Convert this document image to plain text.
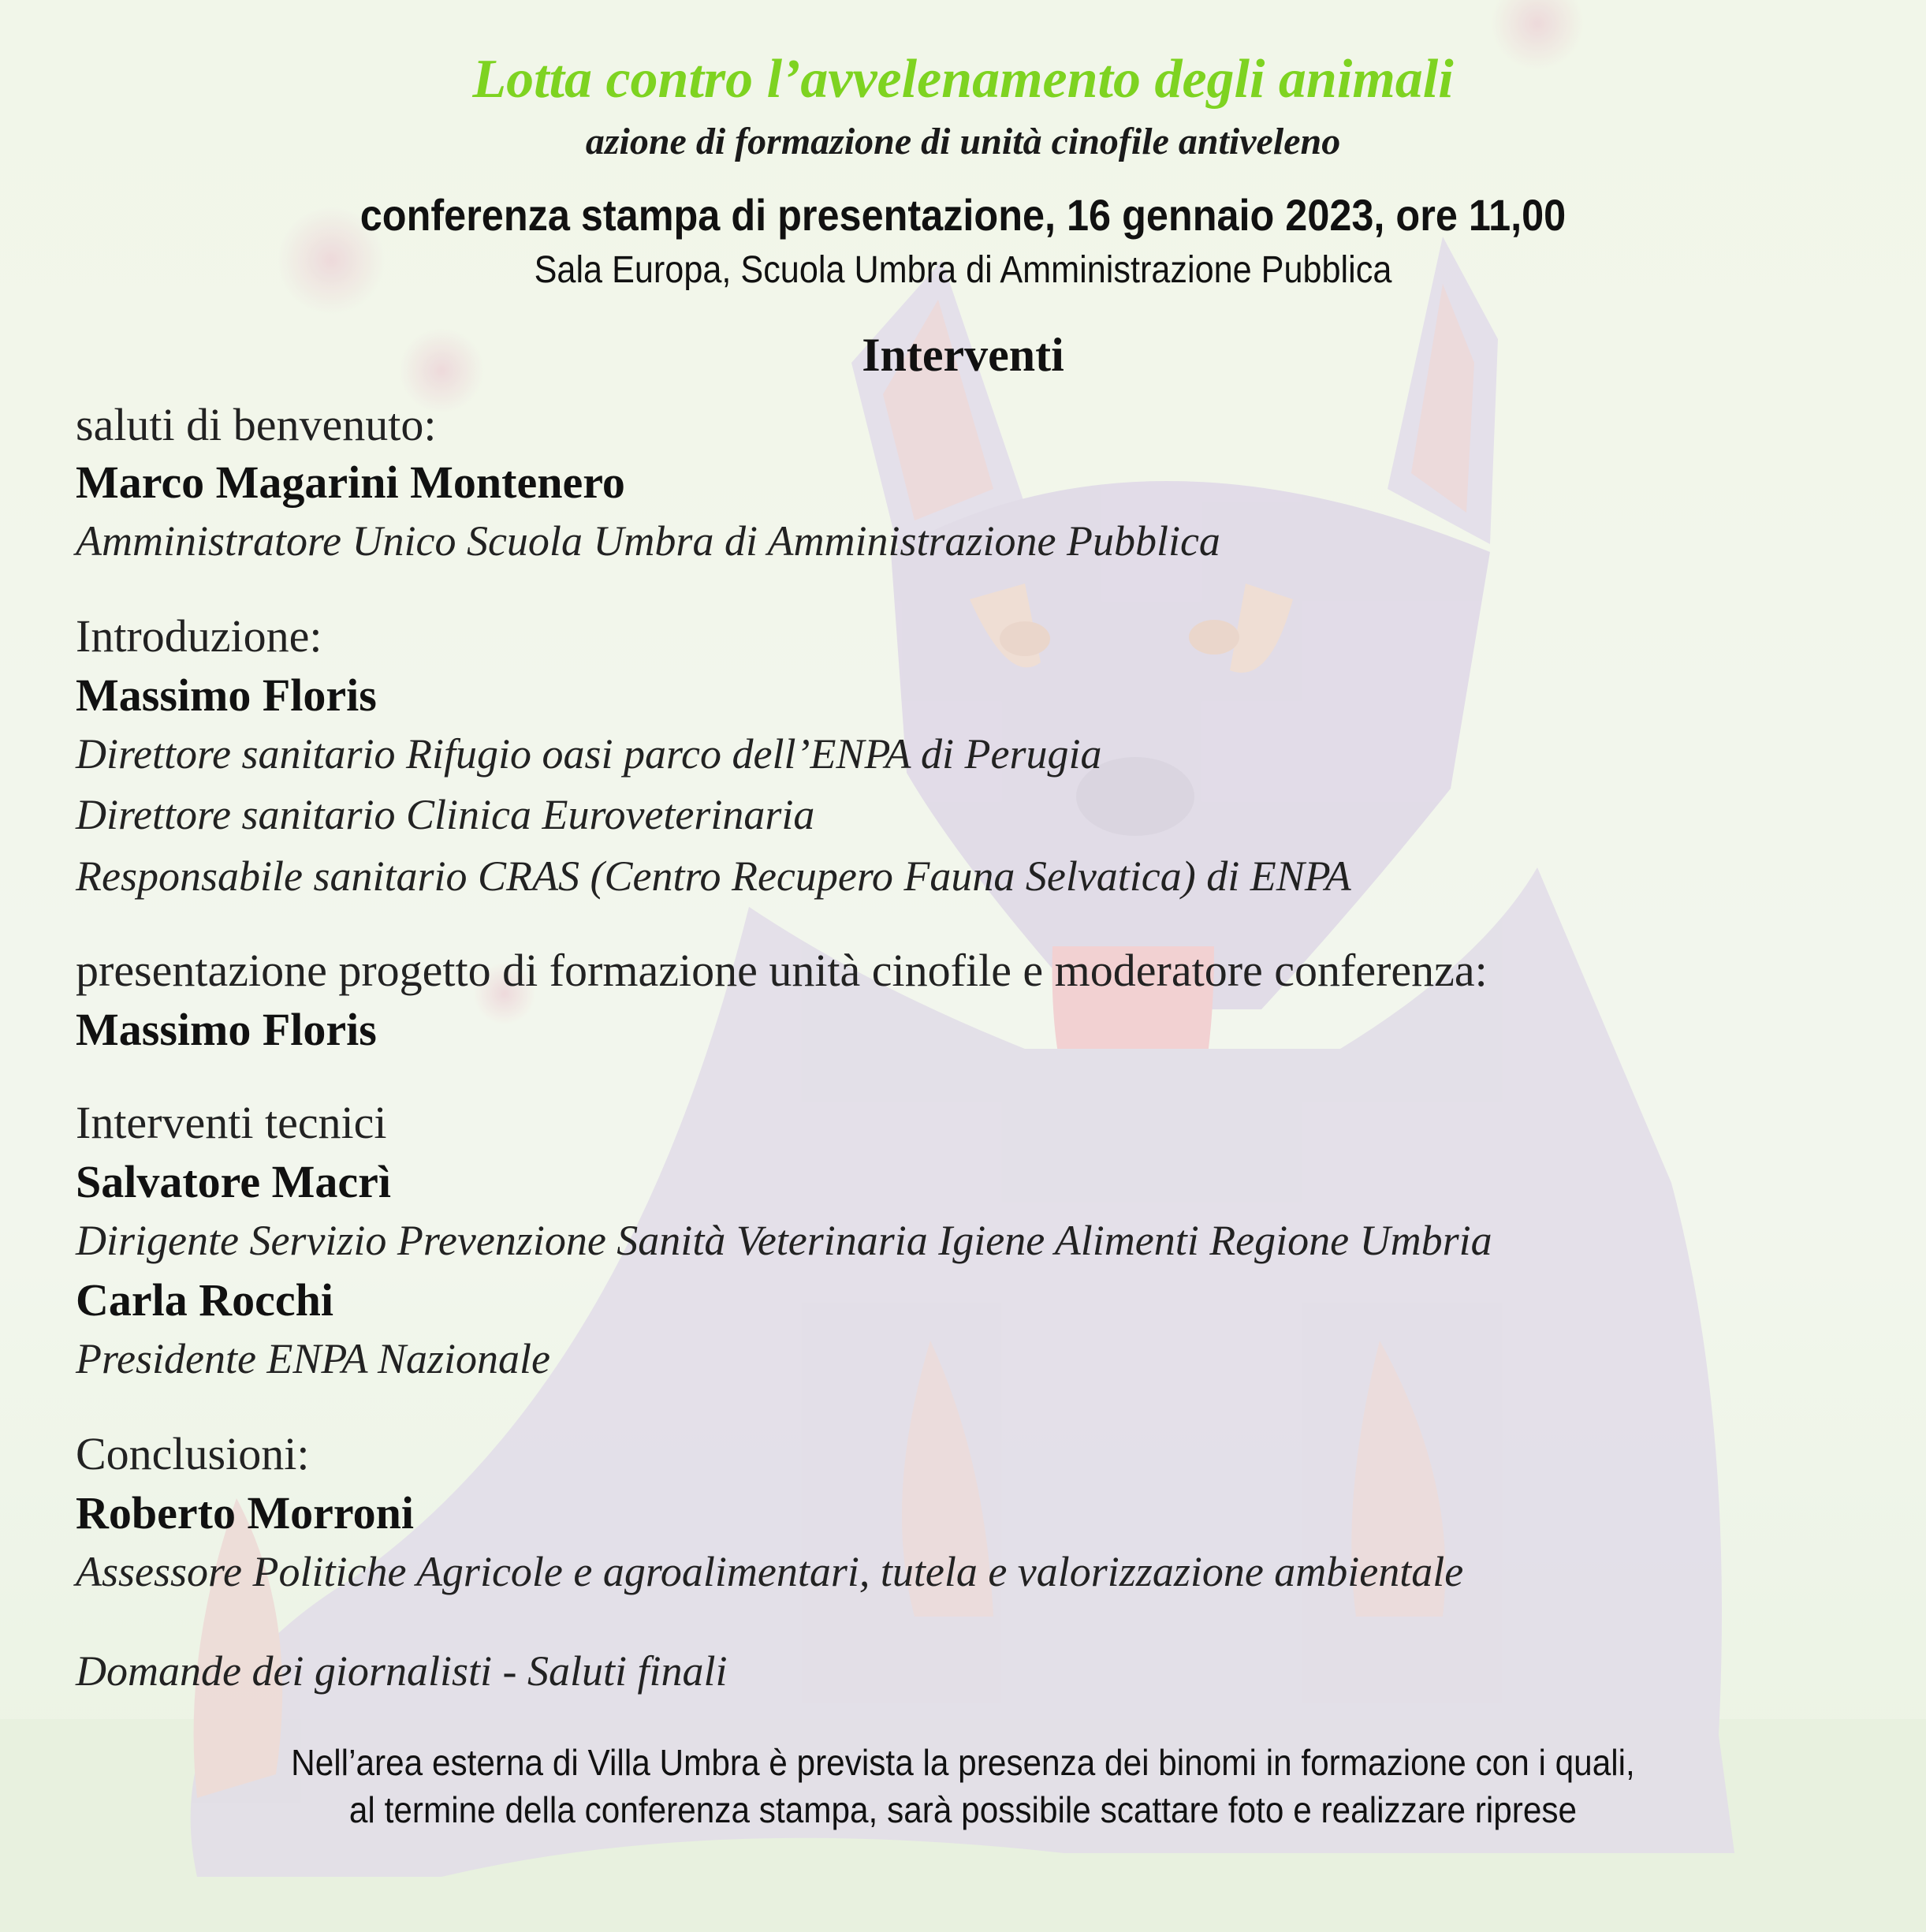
Lotta contro l’avvelenamento degli animali
azione di formazione di unità cinofile antiveleno
conferenza stampa di presentazione, 16 gennaio 2023, ore 11,00
Sala Europa, Scuola Umbra di Amministrazione Pubblica
Interventi
saluti di benvenuto:
Marco Magarini Montenero
Amministratore Unico Scuola Umbra di Amministrazione Pubblica
Introduzione:
Massimo Floris
Direttore sanitario Rifugio oasi parco dell’ENPA di Perugia
Direttore sanitario Clinica Euroveterinaria
Responsabile sanitario CRAS (Centro Recupero Fauna Selvatica) di ENPA
presentazione progetto di formazione unità cinofile e moderatore conferenza:
Massimo Floris
Interventi tecnici
Salvatore Macrì
Dirigente Servizio Prevenzione Sanità Veterinaria Igiene Alimenti Regione Umbria
Carla Rocchi
Presidente ENPA Nazionale
Conclusioni:
Roberto Morroni
Assessore Politiche Agricole e agroalimentari, tutela e valorizzazione ambientale
Domande dei giornalisti - Saluti finali
Nell’area esterna di Villa Umbra è prevista la presenza dei binomi in formazione con i quali,
al termine della conferenza stampa, sarà possibile scattare foto e realizzare riprese
